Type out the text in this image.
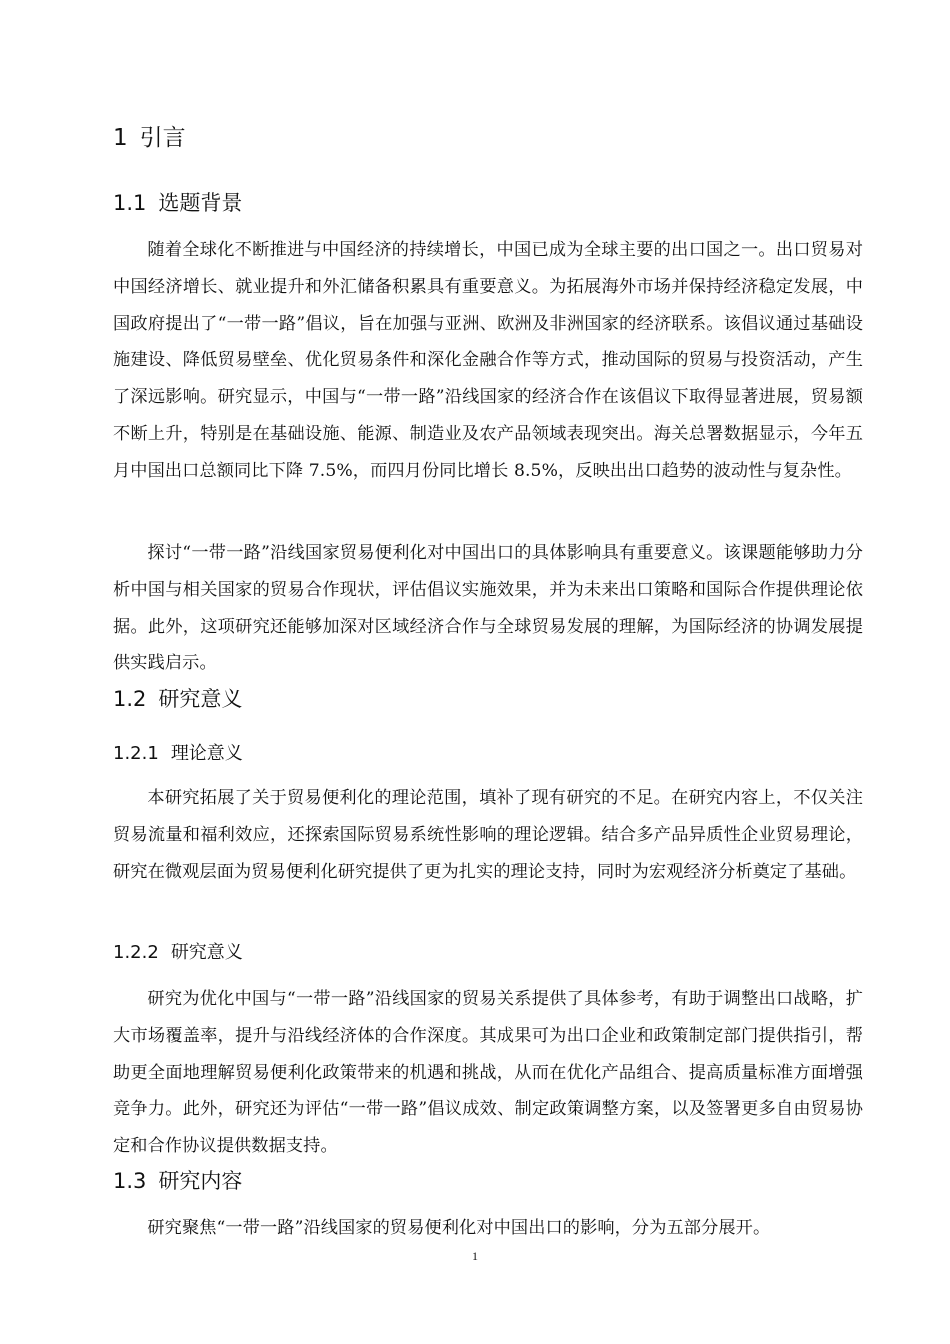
1 引言
1.1 选题背景

随着全球化不断推进与中国经济的持续增长，中国已成为全球主要的出口国之一。出口贸易对中国经济增长、就业提升和外汇储备积累具有重要意义。为拓展海外市场并保持经济稳定发展，中国政府提出了“一带一路”倡议，旨在加强与亚洲、欧洲及非洲国家的经济联系。该倡议通过基础设施建设、降低贸易壁垒、优化贸易条件和深化金融合作等方式，推动国际的贸易与投资活动，产生了深远影响。研究显示，中国与“一带一路”沿线国家的经济合作在该倡议下取得显著进展，贸易额不断上升，特别是在基础设施、能源、制造业及农产品领域表现突出。海关总署数据显示，今年五月中国出口总额同比下降 7.5%，而四月份同比增长 8.5%，反映出出口趋势的波动性与复杂性。

探讨“一带一路”沿线国家贸易便利化对中国出口的具体影响具有重要意义。该课题能够助力分析中国与相关国家的贸易合作现状，评估倡议实施效果，并为未来出口策略和国际合作提供理论依据。此外，这项研究还能够加深对区域经济合作与全球贸易发展的理解，为国际经济的协调发展提供实践启示。

1.2 研究意义
1.2.1 理论意义

本研究拓展了关于贸易便利化的理论范围，填补了现有研究的不足。在研究内容上，不仅关注贸易流量和福利效应，还探索国际贸易系统性影响的理论逻辑。结合多产品异质性企业贸易理论，研究在微观层面为贸易便利化研究提供了更为扎实的理论支持，同时为宏观经济分析奠定了基础。

1.2.2 研究意义

研究为优化中国与“一带一路”沿线国家的贸易关系提供了具体参考，有助于调整出口战略，扩大市场覆盖率，提升与沿线经济体的合作深度。其成果可为出口企业和政策制定部门提供指引，帮助更全面地理解贸易便利化政策带来的机遇和挑战，从而在优化产品组合、提高质量标准方面增强竞争力。此外，研究还为评估“一带一路”倡议成效、制定政策调整方案，以及签署更多自由贸易协定和合作协议提供数据支持。

1.3 研究内容

研究聚焦“一带一路”沿线国家的贸易便利化对中国出口的影响，分为五部分展开。

1
